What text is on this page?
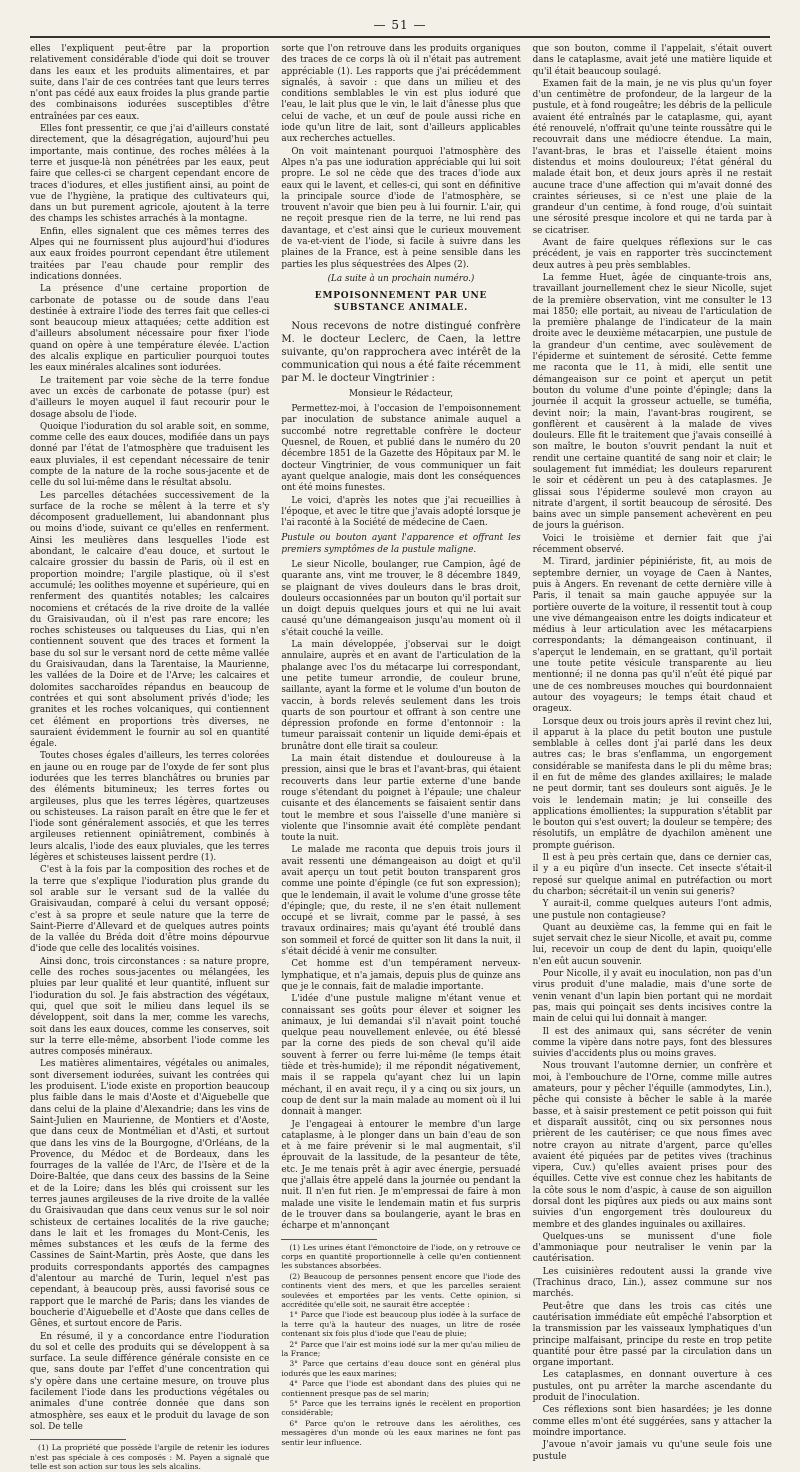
— 51 —

elles l'expliquent peut-être par la proportion relativement considérable d'iode qui doit se trouver dans les eaux et les produits alimentaires, et par suite, dans l'air de ces contrées tant que leurs terres n'ont pas cédé aux eaux froides la plus grande partie des combinaisons iodurées susceptibles d'être entraînées par ces eaux.

Elles font pressentir, ce que j'ai d'ailleurs constaté directement, que la désagrégation, aujourd'hui peu importante, mais continue, des roches mêlées à la terre et jusque-là non pénétrées par les eaux, peut faire que celles-ci se chargent cependant encore de traces d'iodures, et elles justifient ainsi, au point de vue de l'hygiène, la pratique des cultivateurs qui, dans un but purement agricole, ajoutent à la terre des champs les schistes arrachés à la montagne.

Enfin, elles signalent que ces mêmes terres des Alpes qui ne fournissent plus aujourd'hui d'iodures aux eaux froides pourront cependant être utilement traitées par l'eau chaude pour remplir des indications données.

La présence d'une certaine proportion de carbonate de potasse ou de soude dans l'eau destinée à extraire l'iode des terres fait que celles-ci sont beaucoup mieux attaquées; cette addition est d'ailleurs absolument nécessaire pour fixer l'iode quand on opère à une température élevée. L'action des alcalis explique en particulier pourquoi toutes les eaux minérales alcalines sont iodurées.

Le traitement par voie sèche de la terre fondue avec un excès de carbonate de potasse (pur) est d'ailleurs le moyen auquel il faut recourir pour le dosage absolu de l'iode.

Quoique l'ioduration du sol arable soit, en somme, comme celle des eaux douces, modifiée dans un pays donné par l'état de l'atmosphère que traduisent les eaux pluviales, il est cependant nécessaire de tenir compte de la nature de la roche sous-jacente et de celle du sol lui-même dans le résultat absolu.

Les parcelles détachées successivement de la surface de la roche se mêlent à la terre et s'y décomposent graduellement, lui abandonnant plus ou moins d'iode, suivant ce qu'elles en renferment. Ainsi les meulières dans lesquelles l'iode est abondant, le calcaire d'eau douce, et surtout le calcaire grossier du bassin de Paris, où il est en proportion moindre; l'argile plastique, où il s'est accumulé; les oolithes moyenne et supérieure, qui en renferment des quantités notables; les calcaires nocomiens et crétacés de la rive droite de la vallée du Graisivaudan, où il n'est pas rare encore; les roches schisteuses ou talqueuses du Lias, qui n'en contiennent souvent que des traces et forment la base du sol sur le versant nord de cette même vallée du Graisivaudan, dans la Tarentaise, la Maurienne, les vallées de la Doire et de l'Arve; les calcaires et dolomites saccharoïdes répandus en beaucoup de contrées et qui sont absolument privés d'iode; les granites et les roches volcaniques, qui contiennent cet élément en proportions très diverses, ne sauraient évidemment le fournir au sol en quantité égale.

Toutes choses égales d'ailleurs, les terres colorées en jaune ou en rouge par de l'oxyde de fer sont plus iodurées que les terres blanchâtres ou brunies par des éléments bitumineux; les terres fortes ou argileuses, plus que les terres légères, quartzeuses ou schisteuses. La raison paraît en être que le fer et l'iode sont généralement associés, et que les terres argileuses retiennent opiniâtrement, combinés à leurs alcalis, l'iode des eaux pluviales, que les terres légères et schisteuses laissent perdre (1).

C'est à la fois par la composition des roches et de la terre que s'explique l'ioduration plus grande du sol arable sur le versant sud de la vallée du Graisivaudan, comparé à celui du versant opposé; c'est à sa propre et seule nature que la terre de Saint-Pierre d'Allevard et de quelques autres points de la vallée du Bréda doit d'être moins dépourvue d'iode que celle des localités voisines.

Ainsi donc, trois circonstances : sa nature propre, celle des roches sous-jacentes ou mélangées, les pluies par leur qualité et leur quantité, influent sur l'ioduration du sol. Je fais abstraction des végétaux, qui, quel que soit le milieu dans lequel ils se développent, soit dans la mer, comme les varechs, soit dans les eaux douces, comme les conserves, soit sur la terre elle-même, absorbent l'iode comme les autres composés minéraux.

Les matières alimentaires, végétales ou animales, sont diversement iodurées, suivant les contrées qui les produisent. L'iode existe en proportion beaucoup plus faible dans le mais d'Aoste et d'Aiguebelle que dans celui de la plaine d'Alexandrie; dans les vins de Saint-Julien en Maurienne, de Montiers et d'Aoste, que dans ceux de Montmélian et d'Asti, et surtout que dans les vins de la Bourgogne, d'Orléans, de la Provence, du Médoc et de Bordeaux, dans les fourrages de la vallée de l'Arc, de l'Isère et de la Doire-Baltée, que dans ceux des bassins de la Seine et de la Loire; dans les blés qui croissent sur les terres jaunes argileuses de la rive droite de la vallée du Graisivaudan que dans ceux venus sur le sol noir schisteux de certaines localités de la rive gauche; dans le lait et les fromages du Mont-Cenis, les mêmes substances et les œufs de la ferme des Cassines de Saint-Martin, près Aoste, que dans les produits correspondants apportés des campagnes d'alentour au marché de Turin, lequel n'est pas cependant, à beaucoup près, aussi favorisé sous ce rapport que le marché de Paris; dans les viandes de boucherie d'Aiguebelle et d'Aoste que dans celles de Gênes, et surtout encore de Paris.

En résumé, il y a concordance entre l'ioduration du sol et celle des produits qui se développent à sa surface. La seule différence générale consiste en ce que, sans doute par l'effet d'une concentration qui s'y opère dans une certaine mesure, on trouve plus facilement l'iode dans les productions végétales ou animales d'une contrée donnée que dans son atmosphère, ses eaux et le produit du lavage de son sol. De telle

(1) La propriété que possède l'argile de retenir les iodures n'est pas spéciale à ces composés : M. Payen a signalé que telle est son action sur tous les sels alcalins.

sorte que l'on retrouve dans les produits organiques des traces de ce corps là où il n'était pas autrement appréciable (1). Les rapports que j'ai précédemment signalés, à savoir : que dans un milieu et des conditions semblables le vin est plus ioduré que l'eau, le lait plus que le vin, le lait d'ânesse plus que celui de vache, et un œuf de poule aussi riche en iode qu'un litre de lait, sont d'ailleurs applicables aux recherches actuelles.

On voit maintenant pourquoi l'atmosphère des Alpes n'a pas une ioduration appréciable qui lui soit propre. Le sol ne cède que des traces d'iode aux eaux qui le lavent, et celles-ci, qui sont en définitive la principale source d'iode de l'atmosphère, se trouvent n'avoir que bien peu à lui fournir. L'air, qui ne reçoit presque rien de la terre, ne lui rend pas davantage, et c'est ainsi que le curieux mouvement de va-et-vient de l'iode, si facile à suivre dans les plaines de la France, est à peine sensible dans les parties les plus séquestrées des Alpes (2).

(La suite à un prochain numéro.)

EMPOISONNEMENT PAR UNE SUBSTANCE ANIMALE.

Nous recevons de notre distingué confrère M. le docteur Leclerc, de Caen, la lettre suivante, qu'on rapprochera avec intérêt de la communication qui nous a été faite récemment par M. le docteur Vingtrinier :

Monsieur le Rédacteur,

Permettez-moi, à l'occasion de l'empoisonnement par inoculation de substance animale auquel a succombé notre regrettable confrère le docteur Quesnel, de Rouen, et publié dans le numéro du 20 décembre 1851 de la Gazette des Hôpitaux par M. le docteur Vingtrinier, de vous communiquer un fait ayant quelque analogie, mais dont les conséquences ont été moins funestes.

Le voici, d'après les notes que j'ai recueillies à l'époque, et avec le titre que j'avais adopté lorsque je l'ai raconté à la Société de médecine de Caen.

Pustule ou bouton ayant l'apparence et offrant les premiers symptômes de la pustule maligne.

Le sieur Nicolle, boulanger, rue Campion, âgé de quarante ans, vint me trouver, le 8 décembre 1849, se plaignant de vives douleurs dans le bras droit, douleurs occasionnées par un bouton qu'il portait sur un doigt depuis quelques jours et qui ne lui avait causé qu'une démangeaison jusqu'au moment où il s'était couché la veille.

La main développée, j'observai sur le doigt annulaire, auprès et en avant de l'articulation de la phalange avec l'os du métacarpe lui correspondant, une petite tumeur arrondie, de couleur brune, saillante, ayant la forme et le volume d'un bouton de vaccin, à bords relevés seulement dans les trois quarts de son pourtour et offrant à son centre une dépression profonde en forme d'entonnoir : la tumeur paraissait contenir un liquide demi-épais et brunâtre dont elle tirait sa couleur.

La main était distendue et douloureuse à la pression, ainsi que le bras et l'avant-bras, qui étaient recouverts dans leur partie externe d'une bande rouge s'étendant du poignet à l'épaule; une chaleur cuisante et des élancements se faisaient sentir dans tout le membre et sous l'aisselle d'une manière si violente que l'insomnie avait été complète pendant toute la nuit.

Le malade me raconta que depuis trois jours il avait ressenti une démangeaison au doigt et qu'il avait aperçu un tout petit bouton transparent gros comme une pointe d'épingle (ce fut son expression); que le lendemain, il avait le volume d'une grosse tête d'épingle; que, du reste, il ne s'en était nullement occupé et se livrait, comme par le passé, à ses travaux ordinaires; mais qu'ayant été troublé dans son sommeil et forcé de quitter son lit dans la nuit, il s'était décidé à venir me consulter.

Cet homme est d'un tempérament nerveux-lymphatique, et n'a jamais, depuis plus de quinze ans que je le connais, fait de maladie importante.

L'idée d'une pustule maligne m'étant venue et connaissant ses goûts pour élever et soigner les animaux, je lui demandai s'il n'avait point touché quelque peau nouvellement enlevée, ou été blessé par la corne des pieds de son cheval qu'il aide souvent à ferrer ou ferre lui-même (le temps était tiède et très-humide); il me répondit négativement, mais il se rappela qu'ayant chez lui un lapin méchant, il en avait reçu, il y a cinq ou six jours, un coup de dent sur la main malade au moment où il lui donnait à manger.

Je l'engageai à entourer le membre d'un large cataplasme, à le plonger dans un bain d'eau de son et à me faire prévenir si le mal augmentait, s'il éprouvait de la lassitude, de la pesanteur de tête, etc. Je me tenais prêt à agir avec énergie, persuadé que j'allais être appelé dans la journée ou pendant la nuit. Il n'en fut rien. Je m'empressai de faire à mon malade une visite le lendemain matin et fus surpris de le trouver dans sa boulangerie, ayant le bras en écharpe et m'annonçant

(1) Les urines étant l'émonctoire de l'iode, on y retrouve ce corps en quantité proportionnelle à celle qu'en contiennent les substances absorbées.

(2) Beaucoup de personnes pensent encore que l'iode des continents vient des mers, et que les parcelles seraient soulevées et emportées par les vents. Cette opinion, si accréditée qu'elle soit, ne saurait être acceptée :

1° Parce que l'iode est beaucoup plus iodée à la surface de la terre qu'à la hauteur des nuages, un litre de rosée contenant six fois plus d'iode que l'eau de pluie;

2° Parce que l'air est moins iodé sur la mer qu'au milieu de la France;

3° Parce que certains d'eau douce sont en général plus iodurés que les eaux marines;

4° Parce que l'iode est abondant dans des pluies qui ne contiennent presque pas de sel marin;

5° Parce que les terrains ignés le recèlent en proportion considérable;

6° Parce qu'on le retrouve dans les aérolithes, ces messagères d'un monde où les eaux marines ne font pas sentir leur influence.

que son bouton, comme il l'appelait, s'était ouvert dans le cataplasme, avait jeté une matière liquide et qu'il était beaucoup soulagé.

Examen fait de la main, je ne vis plus qu'un foyer d'un centimètre de profondeur, de la largeur de la pustule, et à fond rougeâtre; les débris de la pellicule avaient été entraînés par le cataplasme, qui, ayant été renouvelé, n'offrait qu'une teinte roussâtre qui le recouvrait dans une médiocre étendue. La main, l'avant-bras, le bras et l'aisselle étaient moins distendus et moins douloureux; l'état général du malade était bon, et deux jours après il ne restait aucune trace d'une affection qui m'avait donné des craintes sérieuses, si ce n'est une plaie de la grandeur d'un centime, à fond rouge, d'où suintait une sérosité presque incolore et qui ne tarda par à se cicatriser.

Avant de faire quelques réflexions sur le cas précédent, je vais en rapporter très succinctement deux autres à peu près semblables.

La femme Huet, âgée de cinquante-trois ans, travaillant journellement chez le sieur Nicolle, sujet de la première observation, vint me consulter le 13 mai 1850; elle portait, au niveau de l'articulation de la première phalange de l'indicateur de la main droite avec le deuxième métacarpien, une pustule de la grandeur d'un centime, avec soulèvement de l'épiderme et suintement de sérosité. Cette femme me raconta que le 11, à midi, elle sentit une démangeaison sur ce point et aperçut un petit bouton du volume d'une pointe d'épingle; dans la journée il acquit la grosseur actuelle, se tuméfia, devint noir; la main, l'avant-bras rougirent, se gonflèrent et causèrent à la malade de vives douleurs. Elle fit le traitement que j'avais conseillé à son maître, le bouton s'ouvrit pendant la nuit et rendit une certaine quantité de sang noir et clair; le soulagement fut immédiat; les douleurs reparurent le soir et cédèrent un peu à des cataplasmes. Je glissai sous l'épiderme soulevé mon crayon au nitrate d'argent, il sortit beaucoup de sérosité. Des bains avec un simple pansement achevèrent en peu de jours la guérison.

Voici le troisième et dernier fait que j'ai récemment observé.

M. Tirard, jardinier pépiniériste, fit, au mois de septembre dernier, un voyage de Caen à Nantes, puis à Angers. En revenant de cette dernière ville à Paris, il tenait sa main gauche appuyée sur la portière ouverte de la voiture, il ressentit tout à coup une vive démangeaison entre les doigts indicateur et médius à leur articulation avec les métacarpiens correspondants; la démangeaison continuant, il s'aperçut le lendemain, en se grattant, qu'il portait une toute petite vésicule transparente au lieu mentionné; il ne donna pas qu'il n'eût été piqué par une de ces nombreuses mouches qui bourdonnaient autour des voyageurs; le temps était chaud et orageux.

Lorsque deux ou trois jours après il revint chez lui, il apparut à la place du petit bouton une pustule semblable à celles dont j'ai parlé dans les deux autres cas; le bras s'enflamma, un engorgement considérable se manifesta dans le pli du même bras; il en fut de même des glandes axillaires; le malade ne peut dormir, tant ses douleurs sont aiguës. Je le vois le lendemain matin; je lui conseille des applications émollientes; la suppuration s'établit par le bouton qui s'est ouvert; la douleur se tempère; des résolutifs, un emplâtre de dyachilon amènent une prompte guérison.

Il est à peu près certain que, dans ce dernier cas, il y a eu piqûre d'un insecte. Cet insecte s'était-il reposé sur quelque animal en putréfaction ou mort du charbon; sécrétait-il un venin sui generis?

Y aurait-il, comme quelques auteurs l'ont admis, une pustule non contagieuse?

Quant au deuxième cas, la femme qui en fait le sujet servait chez le sieur Nicolle, et avait pu, comme lui, recevoir un coup de dent du lapin, quoiqu'elle n'en eût aucun souvenir.

Pour Nicolle, il y avait eu inoculation, non pas d'un virus produit d'une maladie, mais d'une sorte de venin venant d'un lapin bien portant qui ne mordait pas, mais qui poinçait ses dents incisives contre la main de celui qui lui donnait à manger.

Il est des animaux qui, sans sécréter de venin comme la vipère dans notre pays, font des blessures suivies d'accidents plus ou moins graves.

Nous trouvant l'automne dernier, un confrère et moi, à l'embouchure de l'Orne, comme mille autres amateurs, pour y pêcher l'équille (ammodytes, Lin.), pêche qui consiste à bêcher le sable à la marée basse, et à saisir prestement ce petit poisson qui fuit et disparaît aussitôt, cinq ou six personnes nous prièrent de les cautériser; ce que nous fîmes avec notre crayon au nitrate d'argent, parce qu'elles avaient été piquées par de petites vives (trachinus vipera, Cuv.) qu'elles avaient prises pour des équilles. Cette vive est connue chez les habitants de la côte sous le nom d'aspic, à cause de son aiguillon dorsal dont les piqûres aux pieds ou aux mains sont suivies d'un engorgement très douloureux du membre et des glandes inguinales ou axillaires.

Quelques-uns se munissent d'une fiole d'ammoniaque pour neutraliser le venin par la cautérisation.

Les cuisinières redoutent aussi la grande vive (Trachinus draco, Lin.), assez commune sur nos marchés.

Peut-être que dans les trois cas cités une cautérisation immédiate eût empêché l'absorption et la transmission par les vaisseaux lymphatiques d'un principe malfaisant, principe du reste en trop petite quantité pour être passé par la circulation dans un organe important.

Les cataplasmes, en donnant ouverture à ces pustules, ont pu arrêter la marche ascendante du produit de l'inoculation.

Ces réflexions sont bien hasardées; je les donne comme elles m'ont été suggérées, sans y attacher la moindre importance.

J'avoue n'avoir jamais vu qu'une seule fois une pustule
